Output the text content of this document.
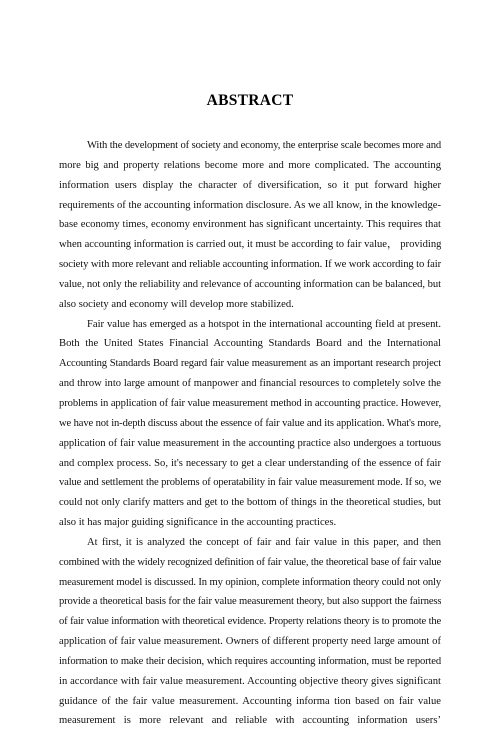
ABSTRACT
With the development of society and economy, the enterprise scale becomes more and
more big and property relations become more and more complicated. The accounting
information users display the character of diversification, so it put forward higher
requirements of the accounting information disclosure. As we all know, in the knowledge-
base economy times, economy environment has significant uncertainty. This requires that
when accounting information is carried out, it must be according to fair value， providing
society with more relevant and reliable accounting information. If we work according to fair
value, not only the reliability and relevance of accounting information can be balanced, but
also society and economy will develop more stabilized.
Fair value has emerged as a hotspot in the international accounting field at present.
Both the United States Financial Accounting Standards Board and the International
Accounting Standards Board regard fair value measurement as an important research project
and throw into large amount of manpower and financial resources to completely solve the
problems in application of fair value measurement method in accounting practice. However,
we have not in-depth discuss about the essence of fair value and its application. What's more,
application of fair value measurement in the accounting practice also undergoes a tortuous
and complex process. So, it's necessary to get a clear understanding of the essence of fair
value and settlement the problems of operatability in fair value measurement mode. If so, we
could not only clarify matters and get to the bottom of things in the theoretical studies, but
also it has major guiding significance in the accounting practices.
At first, it is analyzed the concept of fair and fair value in this paper, and then
combined with the widely recognized definition of fair value, the theoretical base of fair value
measurement model is discussed. In my opinion, complete information theory could not only
provide a theoretical basis for the fair value measurement theory, but also support the fairness
of fair value information with theoretical evidence. Property relations theory is to promote the
application of fair value measurement. Owners of different property need large amount of
information to make their decision, which requires accounting information, must be reported
in accordance with fair value measurement. Accounting objective theory gives significant
guidance of the fair value measurement. Accounting informa tion based on fair value
measurement is more relevant and reliable with accounting information users’
